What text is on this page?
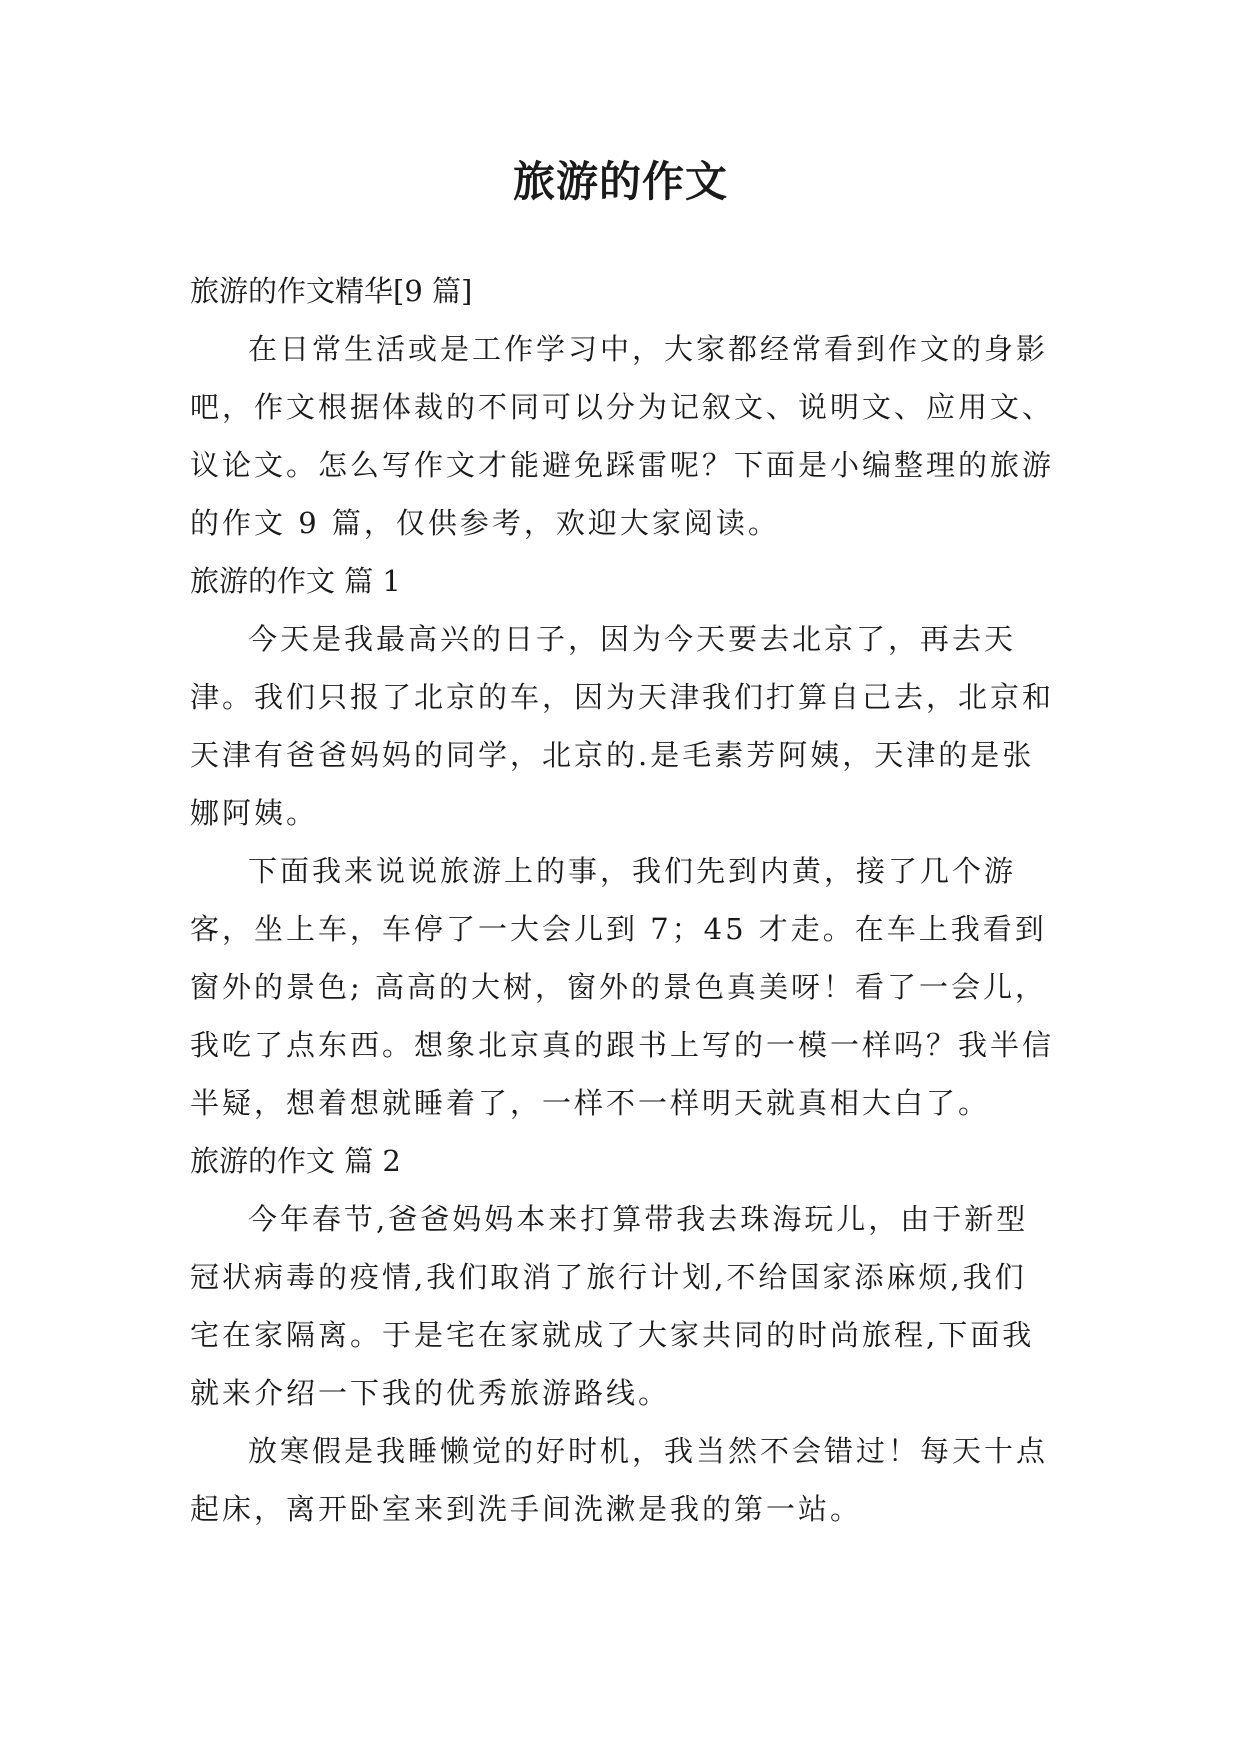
旅游的作文

旅游的作文精华[9 篇]

在日常生活或是工作学习中，大家都经常看到作文的身影吧，作文根据体裁的不同可以分为记叙文、说明文、应用文、议论文。怎么写作文才能避免踩雷呢？下面是小编整理的旅游的作文 9 篇，仅供参考，欢迎大家阅读。

旅游的作文 篇 1

今天是我最高兴的日子，因为今天要去北京了，再去天津。我们只报了北京的车，因为天津我们打算自己去，北京和天津有爸爸妈妈的同学，北京的.是毛素芳阿姨，天津的是张娜阿姨。

下面我来说说旅游上的事，我们先到内黄，接了几个游客，坐上车，车停了一大会儿到 7；45 才走。在车上我看到窗外的景色; 高高的大树，窗外的景色真美呀！看了一会儿，我吃了点东西。想象北京真的跟书上写的一模一样吗？我半信半疑，想着想就睡着了，一样不一样明天就真相大白了。

旅游的作文 篇 2

今年春节,爸爸妈妈本来打算带我去珠海玩儿，由于新型冠状病毒的疫情,我们取消了旅行计划,不给国家添麻烦,我们宅在家隔离。于是宅在家就成了大家共同的时尚旅程,下面我就来介绍一下我的优秀旅游路线。

放寒假是我睡懒觉的好时机，我当然不会错过！每天十点起床，离开卧室来到洗手间洗漱是我的第一站。
